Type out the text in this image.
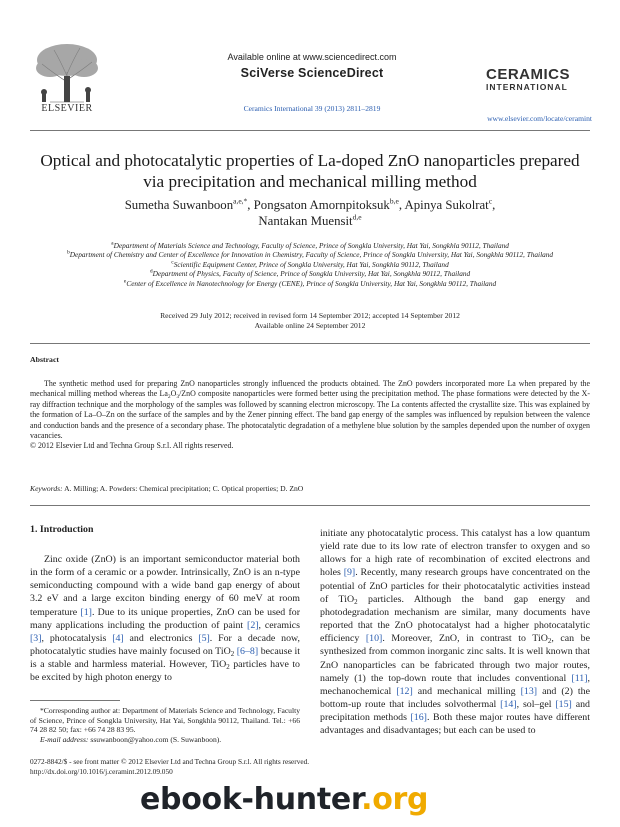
ELSEVIER
Available online at www.sciencedirect.com
SciVerse ScienceDirect
Ceramics International 39 (2013) 2811–2819
CERAMICS
INTERNATIONAL
www.elsevier.com/locate/ceramint
Optical and photocatalytic properties of La-doped ZnO nanoparticles prepared via precipitation and mechanical milling method
Sumetha Suwanboon$^{a,e,*}$, Pongsaton Amornpitoksuk$^{b,e}$, Apinya Sukolrat$^c$,
Nantakan Muensit$^{d,e}$
$^a$Department of Materials Science and Technology, Faculty of Science, Prince of Songkla University, Hat Yai, Songkhla 90112, Thailand
$^b$Department of Chemistry and Center of Excellence for Innovation in Chemistry, Faculty of Science, Prince of Songkla University, Hat Yai, Songkhla 90112, Thailand
$^c$Scientific Equipment Center, Prince of Songkla University, Hat Yai, Songkhla 90112, Thailand
$^d$Department of Physics, Faculty of Science, Prince of Songkla University, Hat Yai, Songkhla 90112, Thailand
$^e$Center of Excellence in Nanotechnology for Energy (CENE), Prince of Songkla University, Hat Yai, Songkhla 90112, Thailand
Received 29 July 2012; received in revised form 14 September 2012; accepted 14 September 2012
Available online 24 September 2012
Abstract
The synthetic method used for preparing ZnO nanoparticles strongly influenced the products obtained. The ZnO powders incorporated more La when prepared by the mechanical milling method whereas the $La_2O_3$/ZnO composite nanoparticles were formed better using the precipitation method. The phase formations were detected by the X-ray diffraction technique and the morphology of the samples was followed by scanning electron microscopy. The La contents affected the crystallite size. This was explained by the formation of La–O–Zn on the surface of the samples and by the Zener pinning effect. The band gap energy of the samples was influenced by repulsion between the valence and conduction bands and the presence of a secondary phase. The photocatalytic degradation of a methylene blue solution by the samples depended upon the number of oxygen vacancies.
© 2012 Elsevier Ltd and Techna Group S.r.l. All rights reserved.
Keywords: A. Milling; A. Powders: Chemical precipitation; C. Optical properties; D. ZnO
1. Introduction
Zinc oxide (ZnO) is an important semiconductor material both in the form of a ceramic or a powder. Intrinsically, ZnO is an n-type semiconducting compound with a wide band gap energy of about 3.2 eV and a large exciton binding energy of 60 meV at room temperature [1]. Due to its unique properties, ZnO can be used for many applications including the production of paint [2], ceramics [3], photocatalysis [4] and electronics [5]. For a decade now, photocatalytic studies have mainly focused on TiO$_2$ [6–8] because it is a stable and harmless material. However, TiO$_2$ particles have to be excited by high photon energy to
initiate any photocatalytic process. This catalyst has a low quantum yield rate due to its low rate of electron transfer to oxygen and so allows for a high rate of recombination of excited electrons and holes [9]. Recently, many research groups have concentrated on the potential of ZnO particles for their photocatalytic activities instead of TiO$_2$ particles. Although the band gap energy and photodegradation mechanism are similar, many documents have reported that the ZnO photocatalyst had a higher photocatalytic efficiency [10]. Moreover, ZnO, in contrast to TiO$_2$, can be synthesized from common inorganic zinc salts. It is well known that ZnO nanoparticles can be fabricated through two major routes, namely (1) the top-down route that includes conventional [11], mechanochemical [12] and mechanical milling [13] and (2) the bottom-up route that includes solvothermal [14], sol–gel [15] and precipitation methods [16]. Both these major routes have different advantages and disadvantages; but each can be used to
*Corresponding author at: Department of Materials Science and Technology, Faculty of Science, Prince of Songkla University, Hat Yai, Songkhla 90112, Thailand. Tel.: +66 74 28 82 50; fax: +66 74 28 83 95.
E-mail address: ssuwanboon@yahoo.com (S. Suwanboon).
0272-8842/$ - see front matter © 2012 Elsevier Ltd and Techna Group S.r.l. All rights reserved.
http://dx.doi.org/10.1016/j.ceramint.2012.09.050
ebook-hunter.org
